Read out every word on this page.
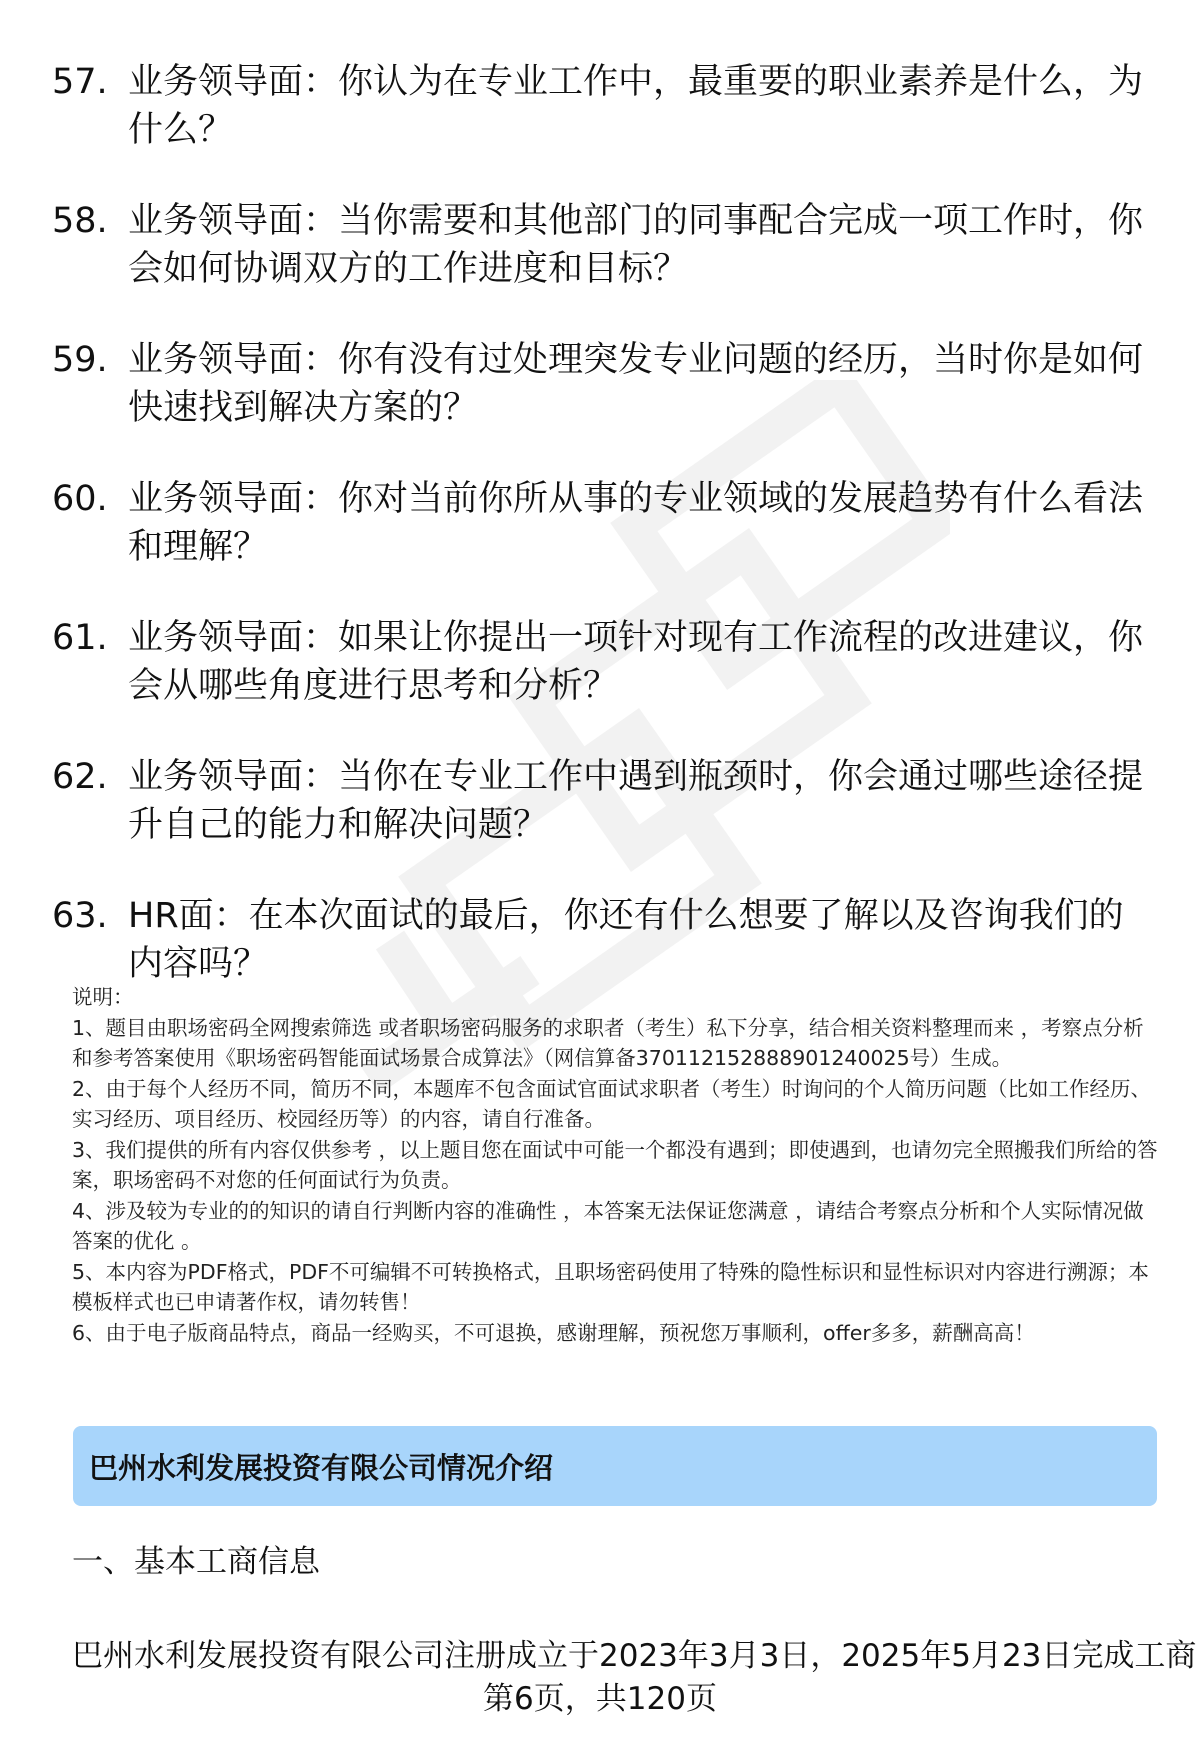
57. 业务领导面：你认为在专业工作中，最重要的职业素养是什么，为什么？
58. 业务领导面：当你需要和其他部门的同事配合完成一项工作时，你会如何协调双方的工作进度和目标？
59. 业务领导面：你有没有过处理突发专业问题的经历，当时你是如何快速找到解决方案的？
60. 业务领导面：你对当前你所从事的专业领域的发展趋势有什么看法和理解？
61. 业务领导面：如果让你提出一项针对现有工作流程的改进建议，你会从哪些角度进行思考和分析？
62. 业务领导面：当你在专业工作中遇到瓶颈时，你会通过哪些途径提升自己的能力和解决问题？
63. HR面：在本次面试的最后，你还有什么想要了解以及咨询我们的内容吗？

说明：

1、题目由职场密码全网搜索筛选 或者职场密码服务的求职者（考生）私下分享，结合相关资料整理而来 ，考察点分析和参考答案使用《职场密码智能面试场景合成算法》（网信算备370112152888901240025号）生成。

2、由于每个人经历不同，简历不同，本题库不包含面试官面试求职者（考生）时询问的个人简历问题（比如工作经历、实习经历、项目经历、校园经历等）的内容，请自行准备。

3、我们提供的所有内容仅供参考 ，以上题目您在面试中可能一个都没有遇到；即使遇到，也请勿完全照搬我们所给的答案，职场密码不对您的任何面试行为负责。

4、涉及较为专业的的知识的请自行判断内容的准确性 ，本答案无法保证您满意 ，请结合考察点分析和个人实际情况做答案的优化 。

5、本内容为PDF格式，PDF不可编辑不可转换格式，且职场密码使用了特殊的隐性标识和显性标识对内容进行溯源；本模板样式也已申请著作权，请勿转售！

6、由于电子版商品特点，商品一经购买，不可退换，感谢理解，预祝您万事顺利，offer多多，薪酬高高！

巴州水利发展投资有限公司情况介绍
一、基本工商信息
巴州水利发展投资有限公司注册成立于2023年3月3日，2025年5月23日完成工商
第6页，共120页
